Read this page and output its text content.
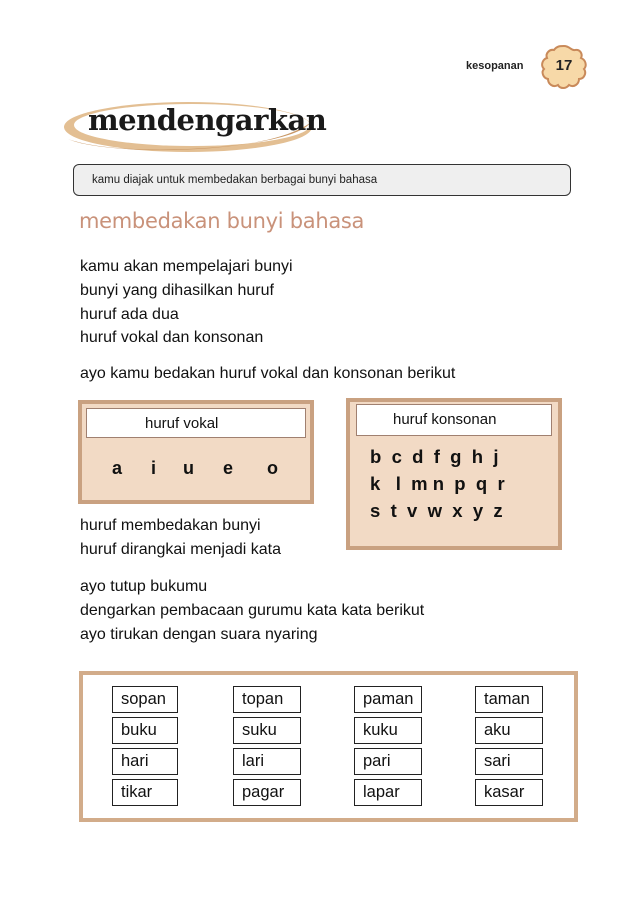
kesopanan	17
mendengarkan
kamu diajak untuk membedakan berbagai bunyi bahasa
membedakan bunyi bahasa
kamu akan mempelajari bunyi
bunyi yang dihasilkan huruf
huruf ada dua
huruf vokal dan konsonan
ayo kamu bedakan huruf vokal dan konsonan berikut
huruf vokal
a i u e o
huruf konsonan
b  c  d  f  g  h  j
k   l  m n  p  q  r
s  t  v  w  x  y  z
huruf membedakan bunyi
huruf dirangkai menjadi kata
ayo tutup bukumu
dengarkan pembacaan gurumu kata kata berikut
ayo tirukan dengan suara nyaring
sopan
buku
hari
tikar
topan
suku
lari
pagar
paman
kuku
pari
lapar
taman
aku
sari
kasar
